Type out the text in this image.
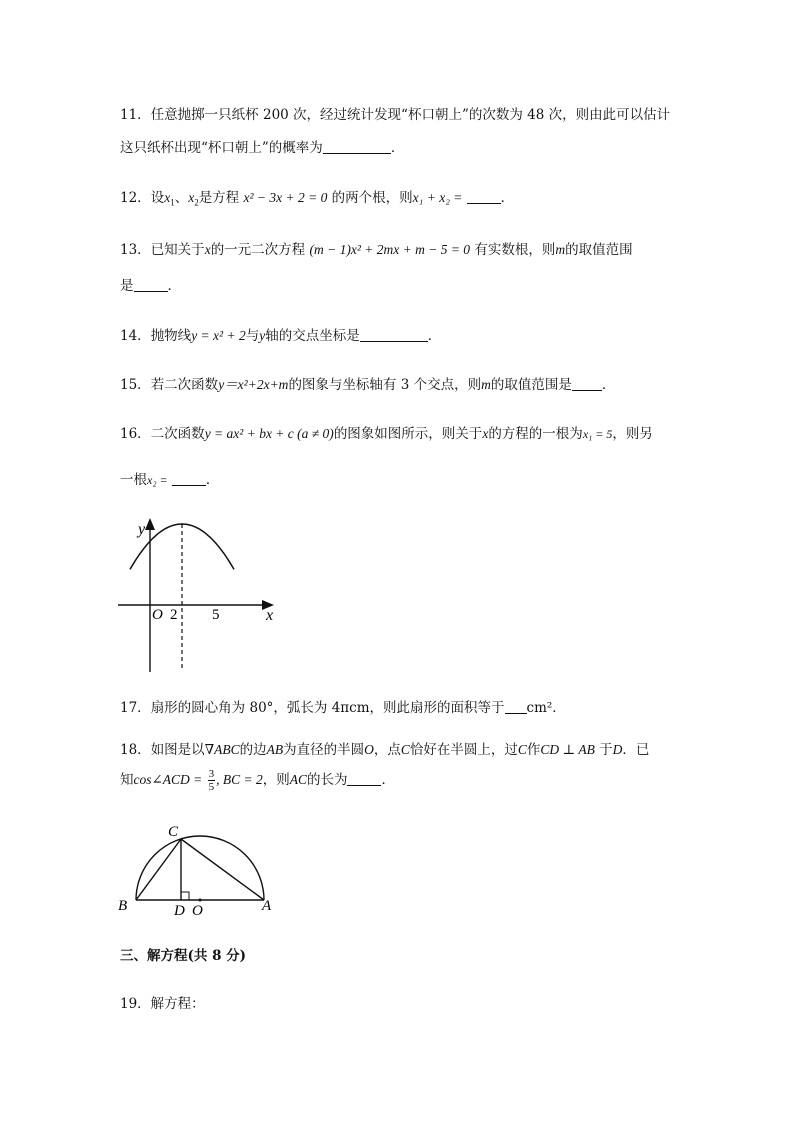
11．任意抛掷一只纸杯 200 次，经过统计发现“杯口朝上”的次数为 48 次，则由此可以估计
这只纸杯出现“杯口朝上”的概率为	．
12．设$x_1$、$x_2$是方程 x² − 3x + 2 = 0 的两个根，则x₁ + x₂ =	．
13．已知关于x的一元二次方程 (m − 1)x² + 2mx + m − 5 = 0 有实数根，则m的取值范围
是	．
14．抛物线y = x² + 2与y轴的交点坐标是	．
15．若二次函数y＝x²+2x+m的图象与坐标轴有 3 个交点，则m的取值范围是 ．
16．二次函数y = ax² + bx + c (a ≠ 0)的图象如图所示，则关于x的方程的一根为x₁ = 5，则另
一根x₂ =	．
y
x
O 2 5
17．扇形的圆心角为 80°，弧长为 4πcm，则此扇形的面积等于 cm²．
18．如图是以∇ABC的边AB为直径的半圆O，点C恰好在半圆上，过C作CD ⊥ AB 于D．已
知cos∠ACD = $\frac{3}{5}$ , BC = 2，则AC的长为	．
C
B	D O	A
三、解方程(共 8 分)
19．解方程：
